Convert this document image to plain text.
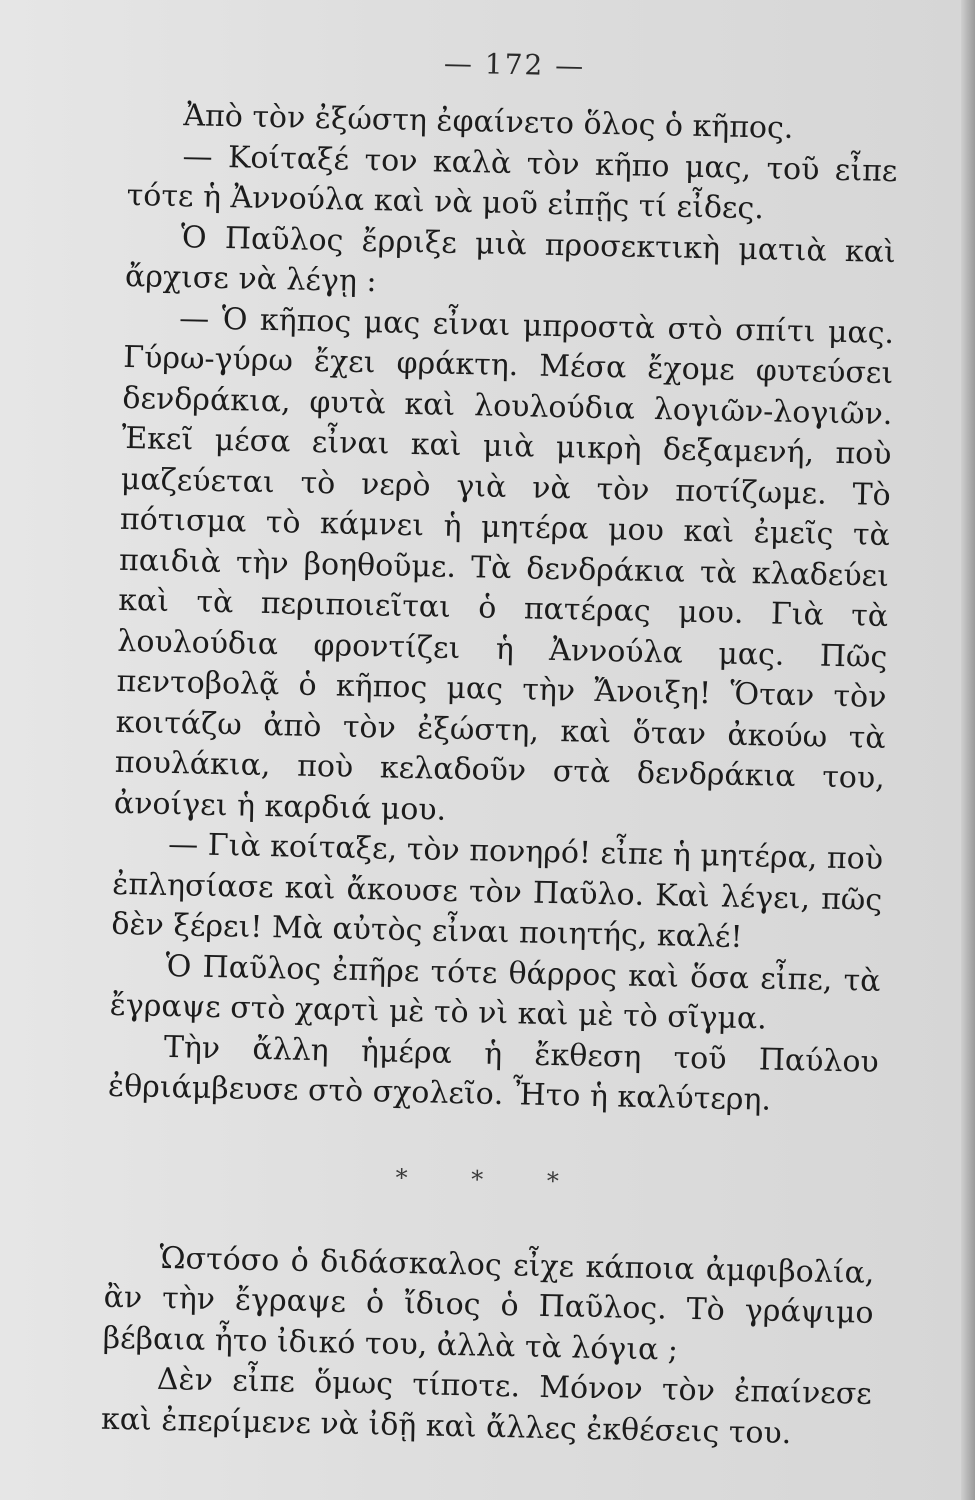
— 172 —

Ἀπὸ τὸν ἐξώστη ἐφαίνετο ὅλος ὁ κῆπος.

— Κοίταξέ τον καλὰ τὸν κῆπο μας, τοῦ εἶπε τότε ἡ Ἀννούλα καὶ νὰ μοῦ εἰπῇς τί εἶδες.

Ὁ Παῦλος ἔρριξε μιὰ προσεκτικὴ ματιὰ καὶ ἄρχισε νὰ λέγῃ :

— Ὁ κῆπος μας εἶναι μπροστὰ στὸ σπίτι μας. Γύρω-γύρω ἔχει φράκτη. Μέσα ἔχομε φυτεύσει δενδράκια, φυτὰ καὶ λουλούδια λογιῶν-λογιῶν. Ἐκεῖ μέσα εἶναι καὶ μιὰ μικρὴ δεξαμενή, ποὺ μαζεύεται τὸ νερὸ γιὰ νὰ τὸν ποτίζωμε. Τὸ πότισμα τὸ κάμνει ἡ μητέρα μου καὶ ἐμεῖς τὰ παιδιὰ τὴν βοηθοῦμε. Τὰ δενδράκια τὰ κλαδεύει καὶ τὰ περιποιεῖται ὁ πατέρας μου. Γιὰ τὰ λουλούδια φροντίζει ἡ Ἀννούλα μας. Πῶς πεντοβολᾷ ὁ κῆπος μας τὴν Ἄνοιξη! Ὅταν τὸν κοιτάζω ἀπὸ τὸν ἐξώστη, καὶ ὅταν ἀκούω τὰ πουλάκια, ποὺ κελαδοῦν στὰ δενδράκια του, ἀνοίγει ἡ καρδιά μου.

— Γιὰ κοίταξε, τὸν πονηρό! εἶπε ἡ μητέρα, ποὺ ἐπλησίασε καὶ ἄκουσε τὸν Παῦλο. Καὶ λέγει, πῶς δὲν ξέρει! Μὰ αὐτὸς εἶναι ποιητής, καλέ!

Ὁ Παῦλος ἐπῆρε τότε θάρρος καὶ ὅσα εἶπε, τὰ ἔγραψε στὸ χαρτὶ μὲ τὸ νὶ καὶ μὲ τὸ σῖγμα.

Τὴν ἄλλη ἡμέρα ἡ ἔκθεση τοῦ Παύλου ἐθριάμβευσε στὸ σχολεῖο. Ἦτο ἡ καλύτερη.

* * *

Ὡστόσο ὁ διδάσκαλος εἶχε κάποια ἀμφιβολία, ἂν τὴν ἔγραψε ὁ ἴδιος ὁ Παῦλος. Τὸ γράψιμο βέβαια ἦτο ἰδικό του, ἀλλὰ τὰ λόγια ;

Δὲν εἶπε ὅμως τίποτε. Μόνον τὸν ἐπαίνεσε καὶ ἐπερίμενε νὰ ἰδῇ καὶ ἄλλες ἐκθέσεις του.
